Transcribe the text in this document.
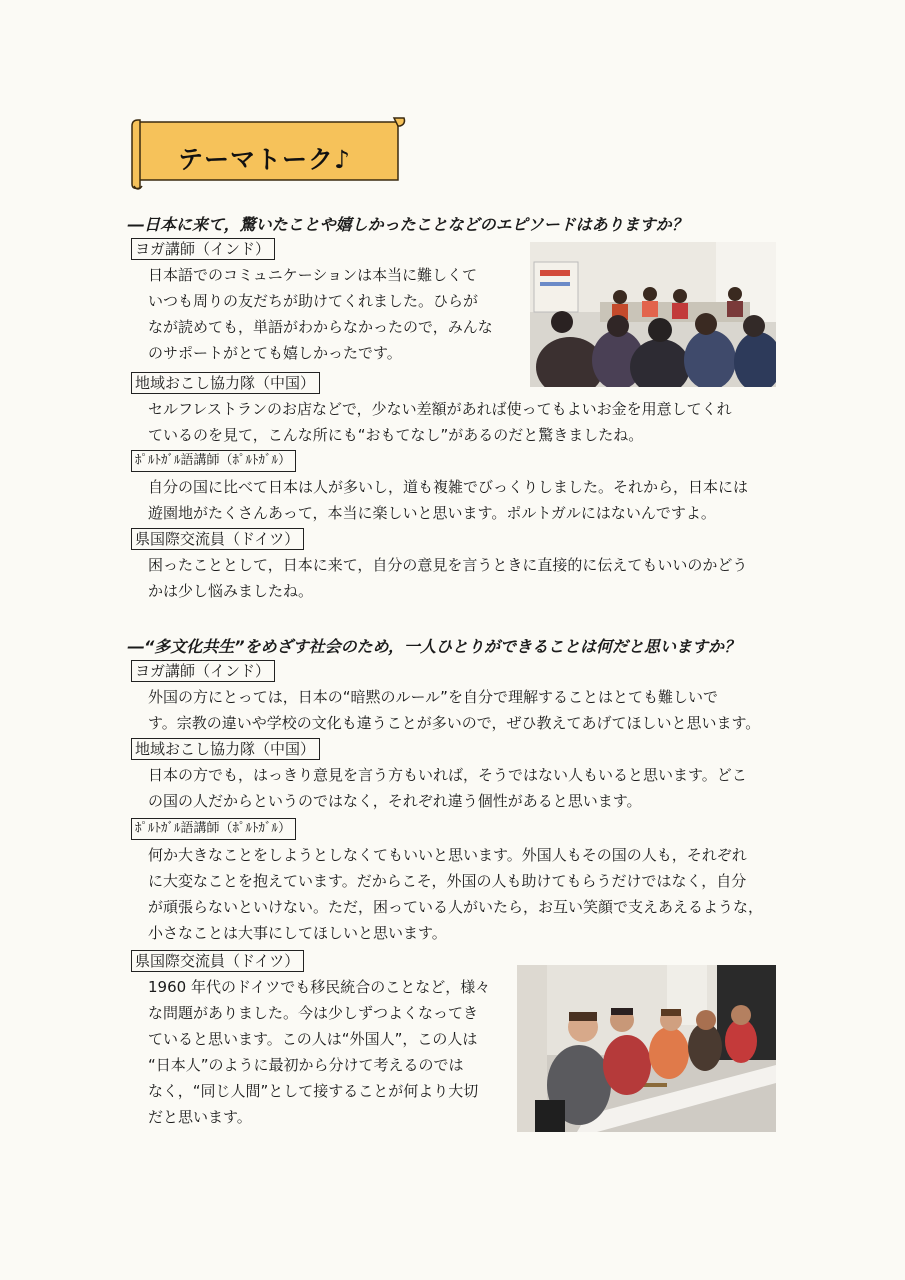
テーマトーク♪
―日本に来て，驚いたことや嬉しかったことなどのエピソードはありますか？
ヨガ講師（インド）
日本語でのコミュニケーションは本当に難しくて
いつも周りの友だちが助けてくれました。ひらが
なが読めても，単語がわからなかったので，みんな
のサポートがとても嬉しかったです。
地域おこし協力隊（中国）
セルフレストランのお店などで，少ない差額があれば使ってもよいお金を用意してくれ
ているのを見て，こんな所にも“おもてなし”があるのだと驚きましたね。
ﾎﾟﾙﾄｶﾞﾙ語講師（ﾎﾟﾙﾄｶﾞﾙ）
自分の国に比べて日本は人が多いし，道も複雑でびっくりしました。それから，日本には
遊園地がたくさんあって，本当に楽しいと思います。ポルトガルにはないんですよ。
県国際交流員（ドイツ）
困ったこととして，日本に来て，自分の意見を言うときに直接的に伝えてもいいのかどう
かは少し悩みましたね。
―“多文化共生”をめざす社会のため，一人ひとりができることは何だと思いますか？
ヨガ講師（インド）
外国の方にとっては，日本の“暗黙のルール”を自分で理解することはとても難しいで
す。宗教の違いや学校の文化も違うことが多いので，ぜひ教えてあげてほしいと思います。
地域おこし協力隊（中国）
日本の方でも，はっきり意見を言う方もいれば，そうではない人もいると思います。どこ
の国の人だからというのではなく，それぞれ違う個性があると思います。
ﾎﾟﾙﾄｶﾞﾙ語講師（ﾎﾟﾙﾄｶﾞﾙ）
何か大きなことをしようとしなくてもいいと思います。外国人もその国の人も，それぞれ
に大変なことを抱えています。だからこそ，外国の人も助けてもらうだけではなく，自分
が頑張らないといけない。ただ，困っている人がいたら，お互い笑顔で支えあえるような，
小さなことは大事にしてほしいと思います。
県国際交流員（ドイツ）
1960 年代のドイツでも移民統合のことなど，様々
な問題がありました。今は少しずつよくなってき
ていると思います。この人は“外国人”，この人は
“日本人”のように最初から分けて考えるのでは
なく，“同じ人間”として接することが何より大切
だと思います。
